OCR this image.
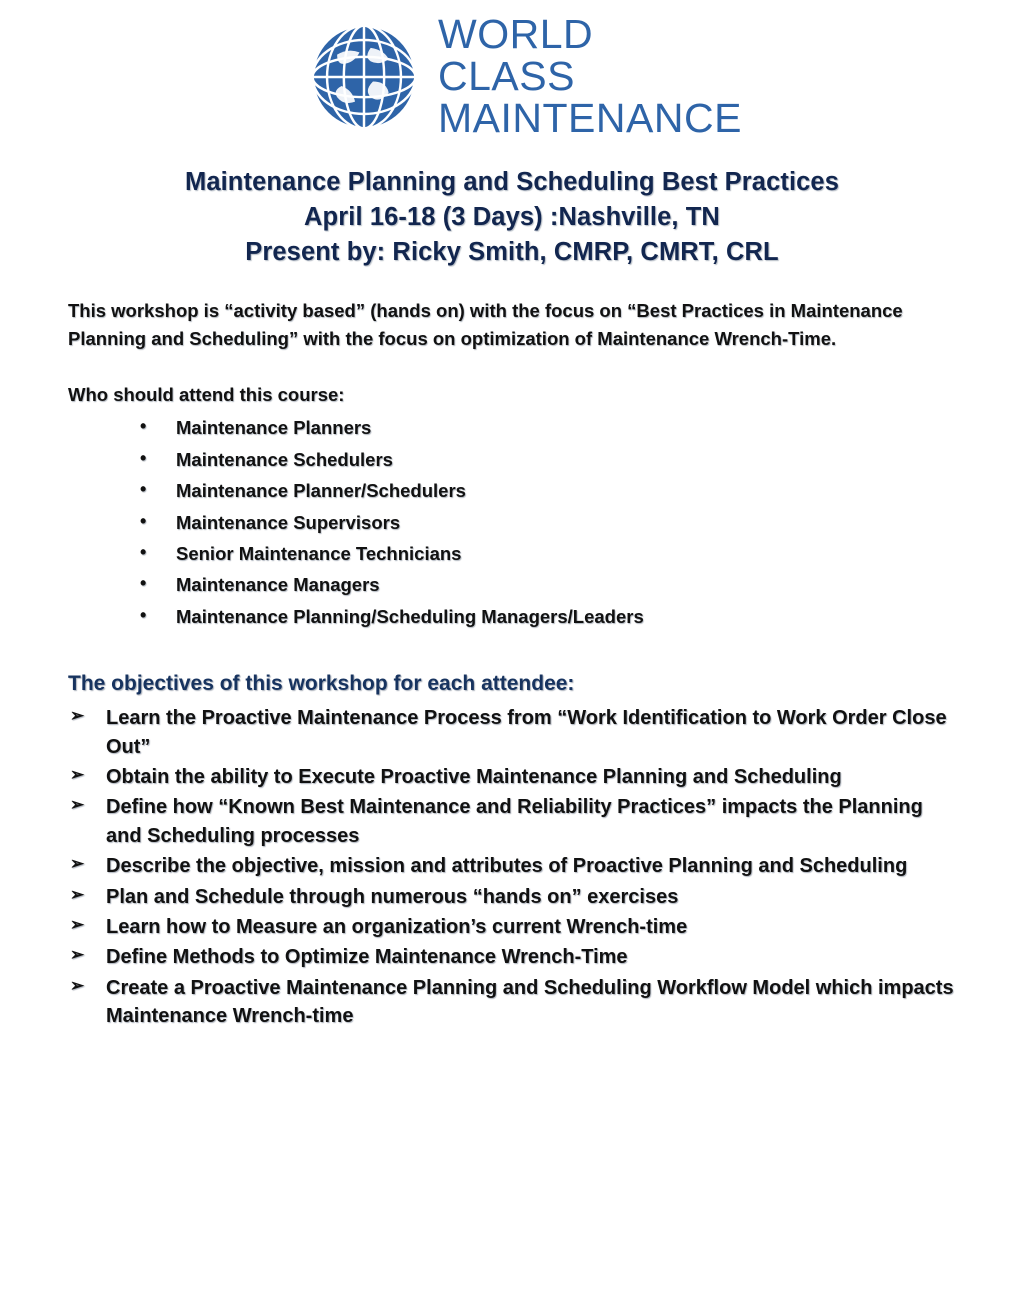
WORLD
CLASS
MAINTENANCE
Maintenance Planning and Scheduling Best Practices
April 16-18 (3 Days) :Nashville, TN
Present by: Ricky Smith, CMRP, CMRT, CRL

This workshop is “activity based” (hands on) with the focus on “Best Practices in Maintenance Planning and Scheduling” with the focus on optimization of Maintenance Wrench-Time.

Who should attend this course:
• Maintenance Planners
• Maintenance Schedulers
• Maintenance Planner/Schedulers
• Maintenance Supervisors
• Senior Maintenance Technicians
• Maintenance Managers
• Maintenance Planning/Scheduling Managers/Leaders
The objectives of this workshop for each attendee:
➢ Learn the Proactive Maintenance Process from “Work Identification to Work Order Close Out”
➢ Obtain the ability to Execute Proactive Maintenance Planning and Scheduling
➢ Define how “Known Best Maintenance and Reliability Practices” impacts the Planning and Scheduling processes
➢ Describe the objective, mission and attributes of Proactive Planning and Scheduling
➢ Plan and Schedule through numerous “hands on” exercises
➢ Learn how to Measure an organization’s current Wrench-time
➢ Define Methods to Optimize Maintenance Wrench-Time
➢ Create a Proactive Maintenance Planning and Scheduling Workflow Model which impacts Maintenance Wrench-time
